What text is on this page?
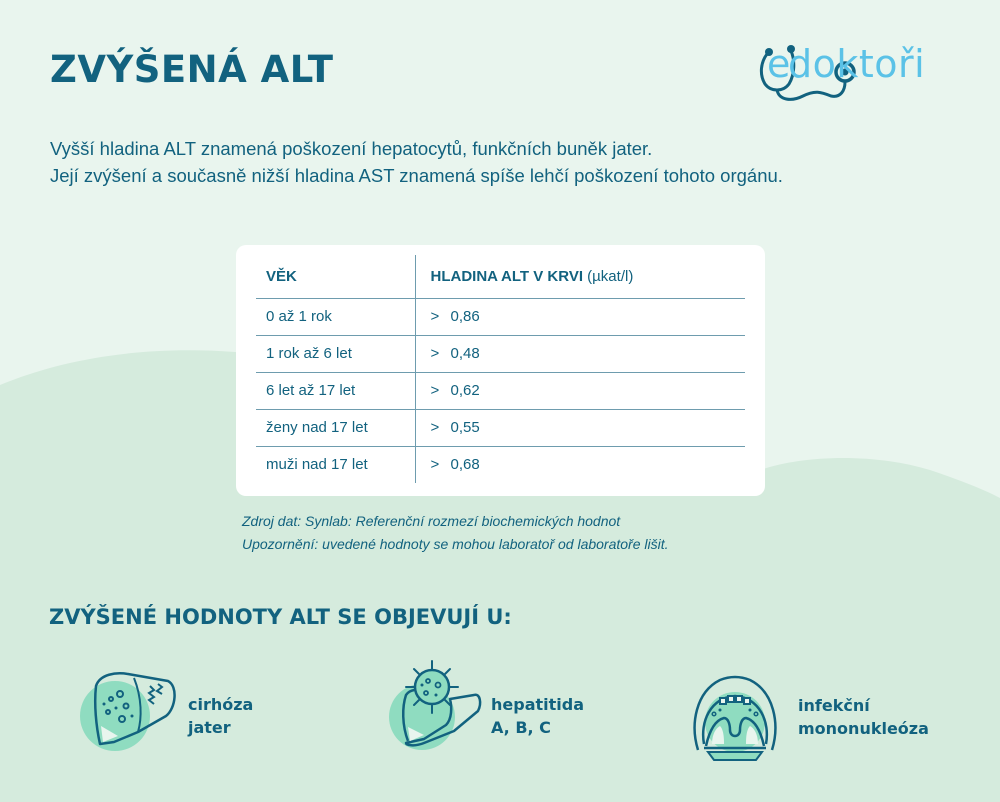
ZVÝŠENÁ ALT	e
doktoři
Vyšší hladina ALT znamená poškození hepatocytů, funkčních buněk jater.
Její zvýšení a současně nižší hladina AST znamená spíše lehčí poškození tohoto orgánu.
VĚK	HLADINA ALT V KRVI (µkat/l)
0 až 1 rok	> 0,86
1 rok až 6 let	> 0,48
6 let až 17 let	> 0,62
ženy nad 17 let	> 0,55
muži nad 17 let	> 0,68
Zdroj dat: Synlab: Referenční rozmezí biochemických hodnot
Upozornění: uvedené hodnoty se mohou laboratoř od laboratoře lišit.
ZVÝŠENÉ HODNOTY ALT SE OBJEVUJÍ U:
cirhóza
jater
hepatitida
A, B, C
infekční
mononukleóza
